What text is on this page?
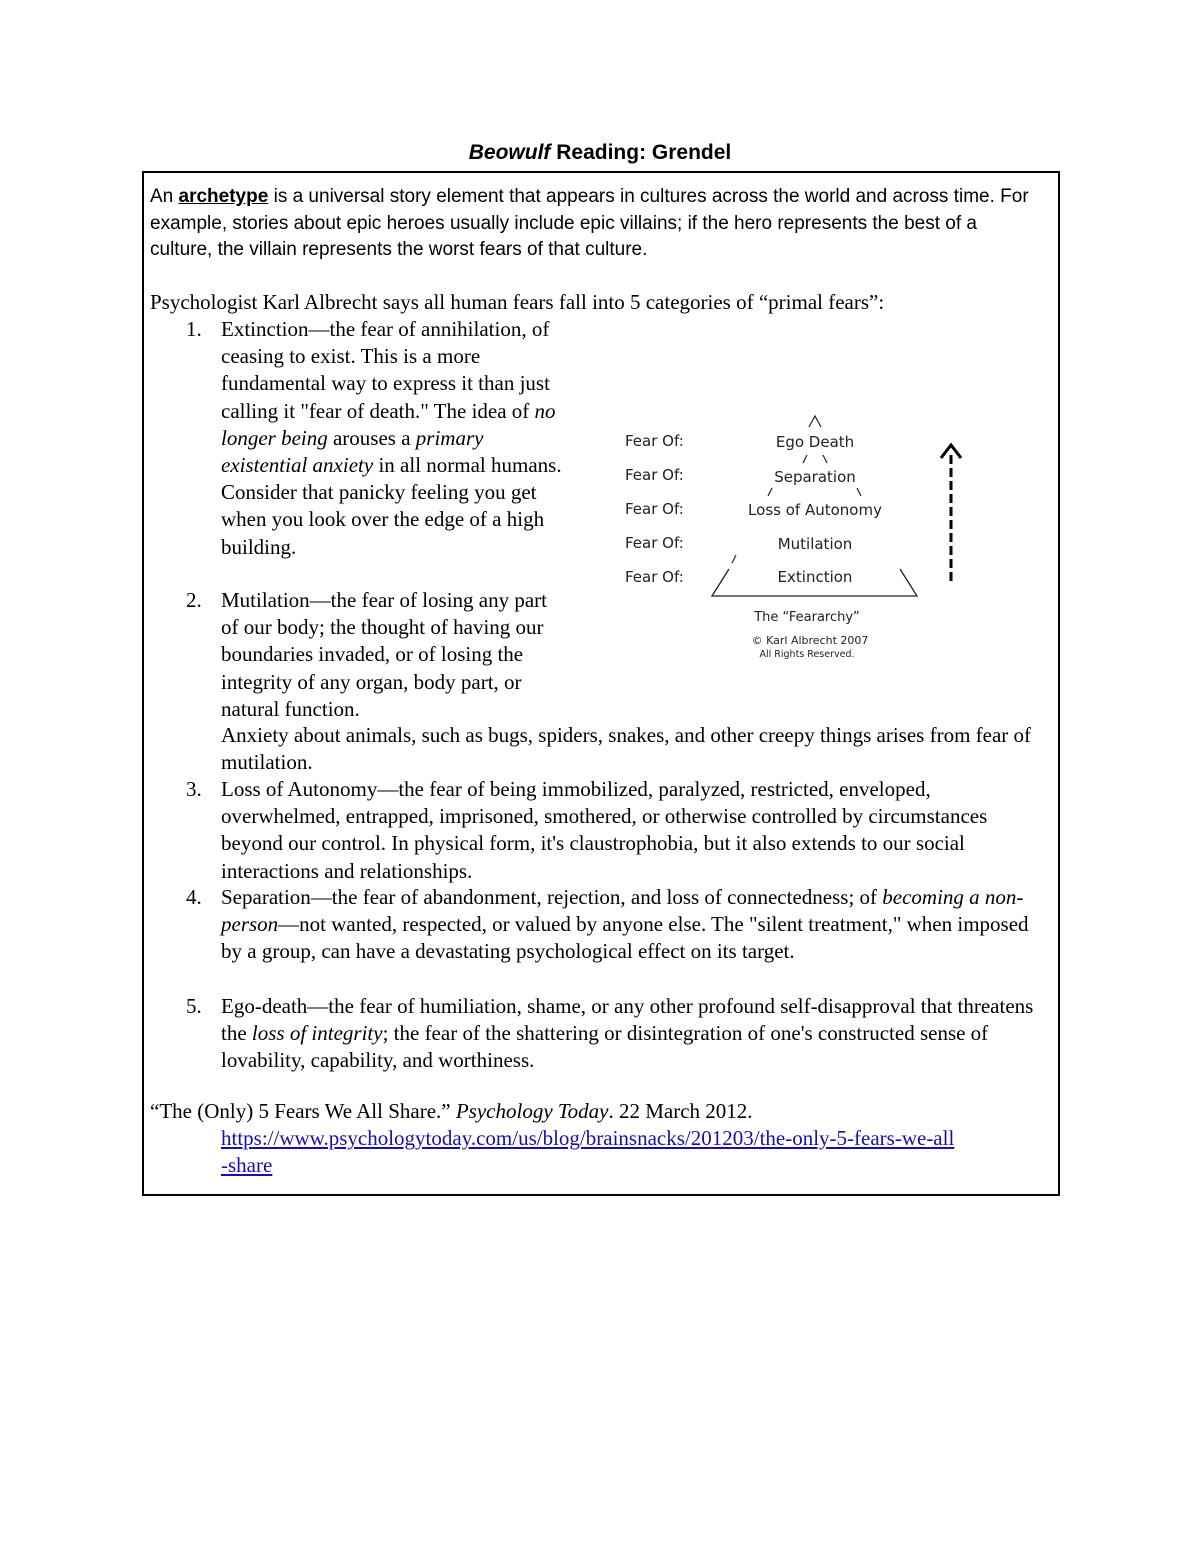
Beowulf Reading: Grendel
An archetype is a universal story element that appears in cultures across the world and across time. For example, stories about epic heroes usually include epic villains; if the hero represents the best of a culture, the villain represents the worst fears of that culture.
Psychologist Karl Albrecht says all human fears fall into 5 categories of “primal fears”:
1. Extinction—the fear of annihilation, of ceasing to exist. This is a more fundamental way to express it than just calling it "fear of death." The idea of no longer being arouses a primary existential anxiety in all normal humans. Consider that panicky feeling you get when you look over the edge of a high building.
2. Mutilation—the fear of losing any part of our body; the thought of having our boundaries invaded, or of losing the integrity of any organ, body part, or natural function.
Anxiety about animals, such as bugs, spiders, snakes, and other creepy things arises from fear of mutilation.
3. Loss of Autonomy—the fear of being immobilized, paralyzed, restricted, enveloped, overwhelmed, entrapped, imprisoned, smothered, or otherwise controlled by circumstances beyond our control. In physical form, it's claustrophobia, but it also extends to our social interactions and relationships.
4. Separation—the fear of abandonment, rejection, and loss of connectedness; of becoming a non-person—not wanted, respected, or valued by anyone else. The "silent treatment," when imposed by a group, can have a devastating psychological effect on its target.
5. Ego-death—the fear of humiliation, shame, or any other profound self-disapproval that threatens the loss of integrity; the fear of the shattering or disintegration of one's constructed sense of lovability, capability, and worthiness.
Fear Of:
Fear Of:
Fear Of:
Fear Of:
Fear Of:
Ego Death
Separation
Loss of Autonomy
Mutilation
Extinction
The “Feararchy”
© Karl Albrecht 2007
All Rights Reserved.
“The (Only) 5 Fears We All Share.” Psychology Today. 22 March 2012.
https://www.psychologytoday.com/us/blog/brainsnacks/201203/the-only-5-fears-we-all
-share
